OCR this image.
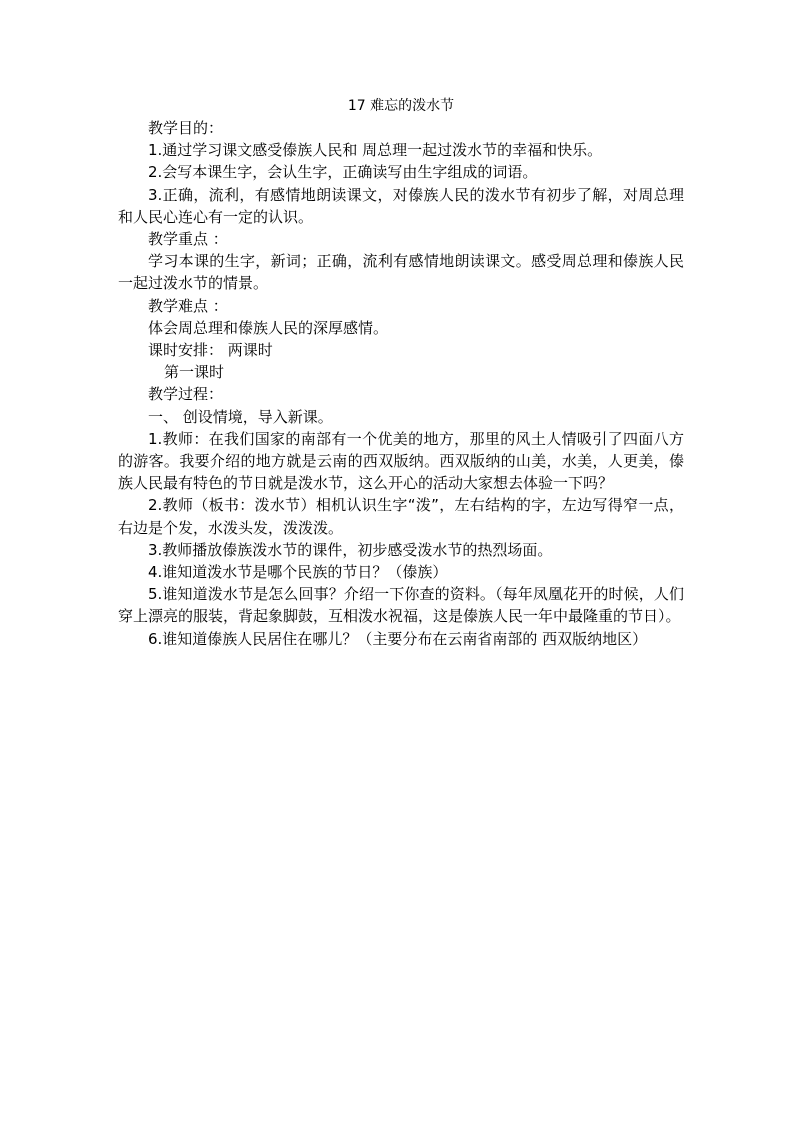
17 难忘的泼水节

教学目的：

1.通过学习课文感受傣族人民和 周总理一起过泼水节的幸福和快乐。

2.会写本课生字，会认生字，正确读写由生字组成的词语。

3.正确，流利，有感情地朗读课文，对傣族人民的泼水节有初步了解，对周总理和人民心连心有一定的认识。

教学重点 ：

学习本课的生字，新词；正确，流利有感情地朗读课文。感受周总理和傣族人民一起过泼水节的情景。

教学难点 ：

体会周总理和傣族人民的深厚感情。

课时安排： 两课时

第一课时

教学过程：

一、 创设情境，导入新课。

1.教师：在我们国家的南部有一个优美的地方，那里的风土人情吸引了四面八方的游客。我要介绍的地方就是云南的西双版纳。西双版纳的山美，水美，人更美，傣族人民最有特色的节日就是泼水节，这么开心的活动大家想去体验一下吗？

2.教师（板书：泼水节）相机认识生字“泼”，左右结构的字，左边写得窄一点，右边是个发，水泼头发，泼泼泼。

3.教师播放傣族泼水节的课件，初步感受泼水节的热烈场面。

4.谁知道泼水节是哪个民族的节日？（傣族）

5.谁知道泼水节是怎么回事？介绍一下你查的资料。（每年凤凰花开的时候，人们穿上漂亮的服装，背起象脚鼓，互相泼水祝福，这是傣族人民一年中最隆重的节日）。

6.谁知道傣族人民居住在哪儿？（主要分布在云南省南部的 西双版纳地区）
